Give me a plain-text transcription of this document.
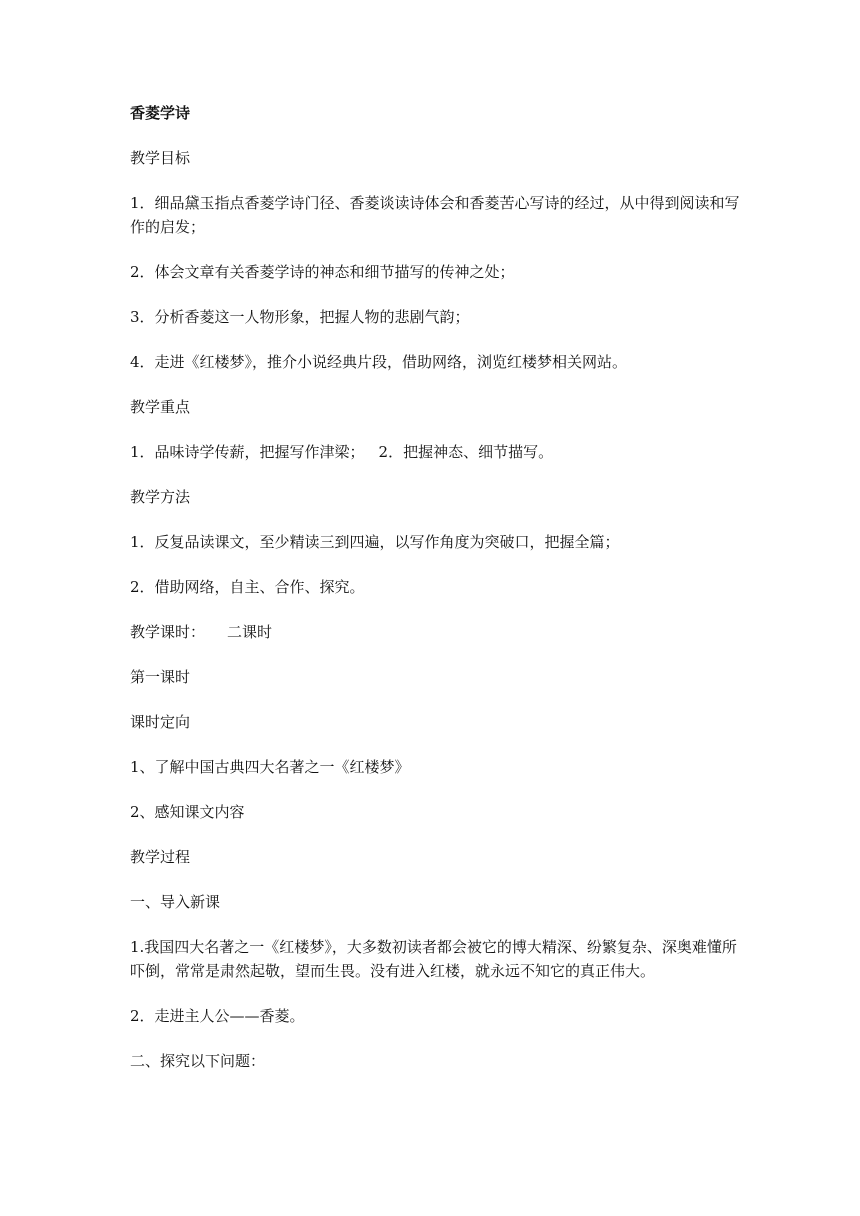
香菱学诗

教学目标

1．细品黛玉指点香菱学诗门径、香菱谈读诗体会和香菱苦心写诗的经过，从中得到阅读和写作的启发；

2．体会文章有关香菱学诗的神态和细节描写的传神之处；

3．分析香菱这一人物形象，把握人物的悲剧气韵；

4．走进《红楼梦》，推介小说经典片段，借助网络，浏览红楼梦相关网站。

教学重点

1．品味诗学传薪，把握写作津梁； 2．把握神态、细节描写。

教学方法

1．反复品读课文，至少精读三到四遍，以写作角度为突破口，把握全篇；

2．借助网络，自主、合作、探究。

教学课时： 二课时

第一课时

课时定向

1、了解中国古典四大名著之一《红楼梦》

2、感知课文内容

教学过程

一、导入新课

1.我国四大名著之一《红楼梦》，大多数初读者都会被它的博大精深、纷繁复杂、深奥难懂所吓倒，常常是肃然起敬，望而生畏。没有进入红楼，就永远不知它的真正伟大。

2．走进主人公——香菱。

二、探究以下问题：
